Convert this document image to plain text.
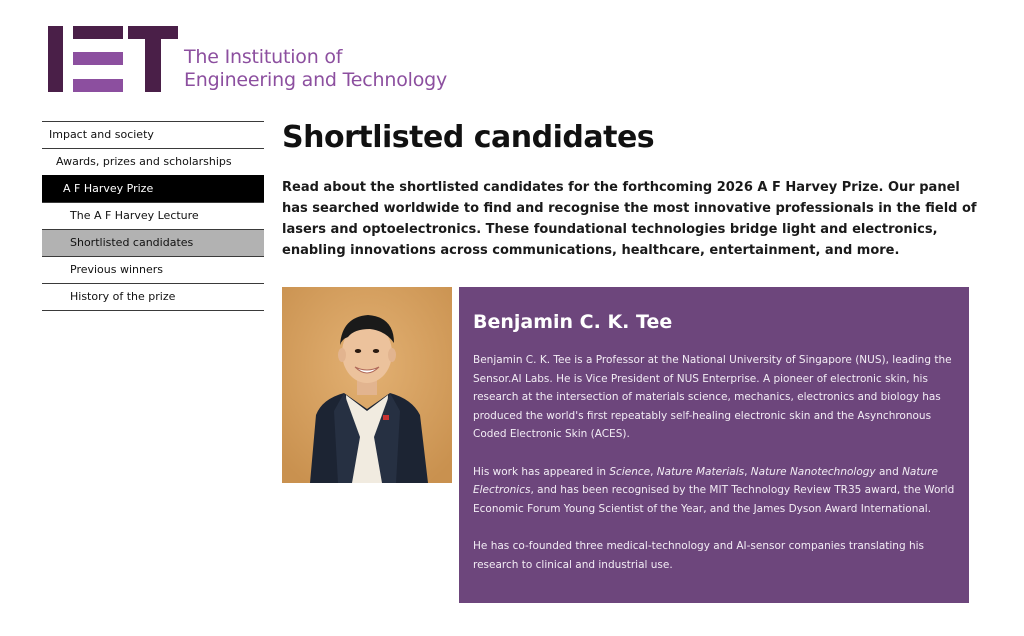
The Institution of
Engineering and Technology
Impact and society
Awards, prizes and scholarships
A F Harvey Prize
The A F Harvey Lecture
Shortlisted candidates
Previous winners
History of the prize
Shortlisted candidates

Read about the shortlisted candidates for the forthcoming 2026 A F Harvey Prize. Our panel has searched worldwide to find and recognise the most innovative professionals in the field of lasers and optoelectronics. These foundational technologies bridge light and electronics, enabling innovations across communications, healthcare, entertainment, and more.

Benjamin C. K. Tee

Benjamin C. K. Tee is a Professor at the National University of Singapore (NUS), leading the Sensor.AI Labs. He is Vice President of NUS Enterprise. A pioneer of electronic skin, his research at the intersection of materials science, mechanics, electronics and biology has produced the world's first repeatably self-healing electronic skin and the Asynchronous Coded Electronic Skin (ACES).

His work has appeared in Science, Nature Materials, Nature Nanotechnology and Nature Electronics, and has been recognised by the MIT Technology Review TR35 award, the World Economic Forum Young Scientist of the Year, and the James Dyson Award International.

He has co-founded three medical-technology and AI-sensor companies translating his research to clinical and industrial use.
